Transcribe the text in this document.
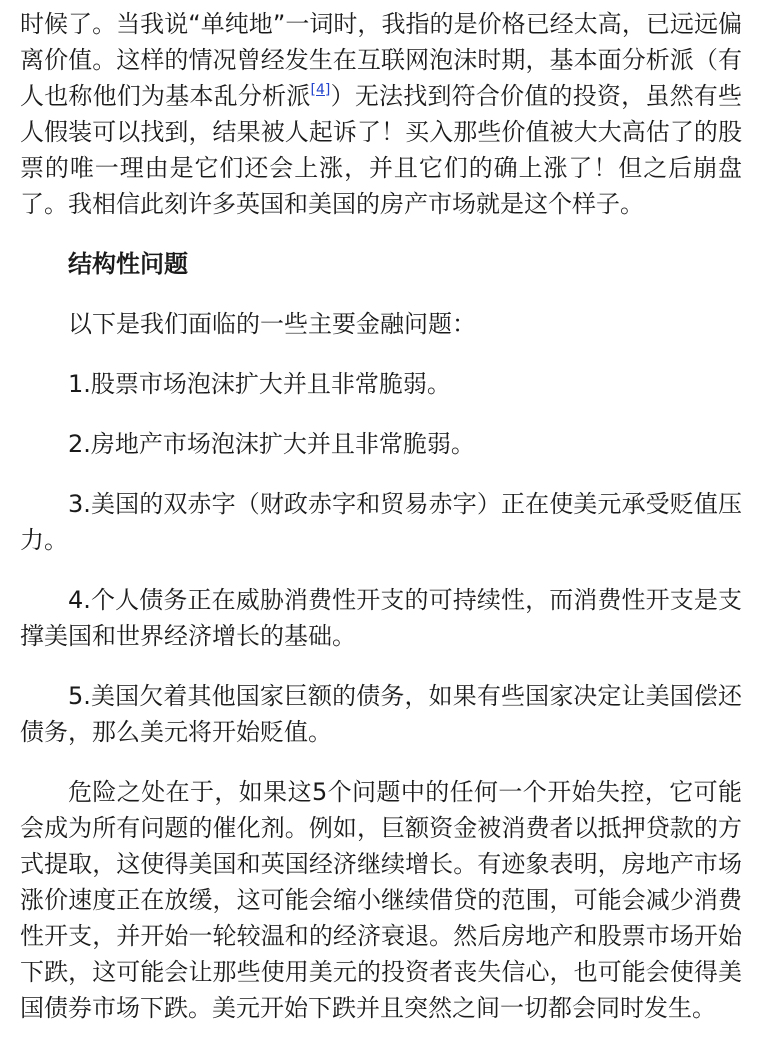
时候了。当我说“单纯地”一词时，我指的是价格已经太高，已远远偏离价值。这样的情况曾经发生在互联网泡沫时期，基本面分析派（有人也称他们为基本乱分析派[4]）无法找到符合价值的投资，虽然有些人假装可以找到，结果被人起诉了！买入那些价值被大大高估了的股票的唯一理由是它们还会上涨，并且它们的确上涨了！但之后崩盘了。我相信此刻许多英国和美国的房产市场就是这个样子。

结构性问题

以下是我们面临的一些主要金融问题：

1.股票市场泡沫扩大并且非常脆弱。

2.房地产市场泡沫扩大并且非常脆弱。

3.美国的双赤字（财政赤字和贸易赤字）正在使美元承受贬值压力。

4.个人债务正在威胁消费性开支的可持续性，而消费性开支是支撑美国和世界经济增长的基础。

5.美国欠着其他国家巨额的债务，如果有些国家决定让美国偿还债务，那么美元将开始贬值。

危险之处在于，如果这5个问题中的任何一个开始失控，它可能会成为所有问题的催化剂。例如，巨额资金被消费者以抵押贷款的方式提取，这使得美国和英国经济继续增长。有迹象表明，房地产市场涨价速度正在放缓，这可能会缩小继续借贷的范围，可能会减少消费性开支，并开始一轮较温和的经济衰退。然后房地产和股票市场开始下跌，这可能会让那些使用美元的投资者丧失信心，也可能会使得美国债券市场下跌。美元开始下跌并且突然之间一切都会同时发生。
